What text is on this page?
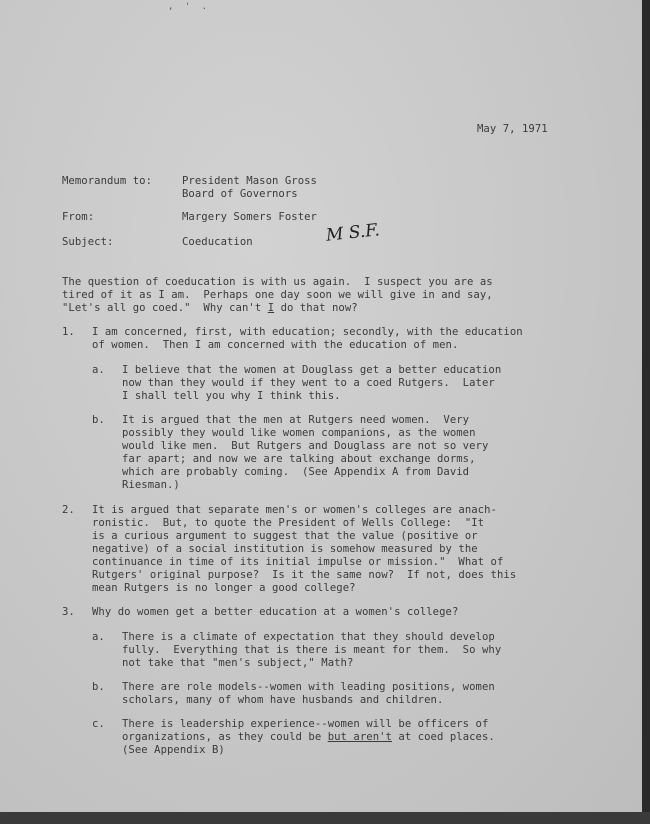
, ' .
May 7, 1971
Memorandum to:	President Mason Gross
Board of Governors
From:	Margery Somers Foster
M S.F.
Subject:	Coeducation
The question of coeducation is with us again.  I suspect you are as
tired of it as I am.  Perhaps one day soon we will give in and say,
"Let's all go coed."  Why can't I do that now?
1. I am concerned, first, with education; secondly, with the education
of women.  Then I am concerned with the education of men.
a. I believe that the women at Douglass get a better education
now than they would if they went to a coed Rutgers.  Later
I shall tell you why I think this.
b. It is argued that the men at Rutgers need women.  Very
possibly they would like women companions, as the women
would like men.  But Rutgers and Douglass are not so very
far apart; and now we are talking about exchange dorms,
which are probably coming.  (See Appendix A from David
Riesman.)
2. It is argued that separate men's or women's colleges are anach-
ronistic.  But, to quote the President of Wells College:  "It
is a curious argument to suggest that the value (positive or
negative) of a social institution is somehow measured by the
continuance in time of its initial impulse or mission."  What of
Rutgers' original purpose?  Is it the same now?  If not, does this
mean Rutgers is no longer a good college?
3. Why do women get a better education at a women's college?
a. There is a climate of expectation that they should develop
fully.  Everything that is there is meant for them.  So why
not take that "men's subject," Math?
b. There are role models--women with leading positions, women
scholars, many of whom have husbands and children.
c. There is leadership experience--women will be officers of
organizations, as they could be but aren't at coed places.
(See Appendix B)
